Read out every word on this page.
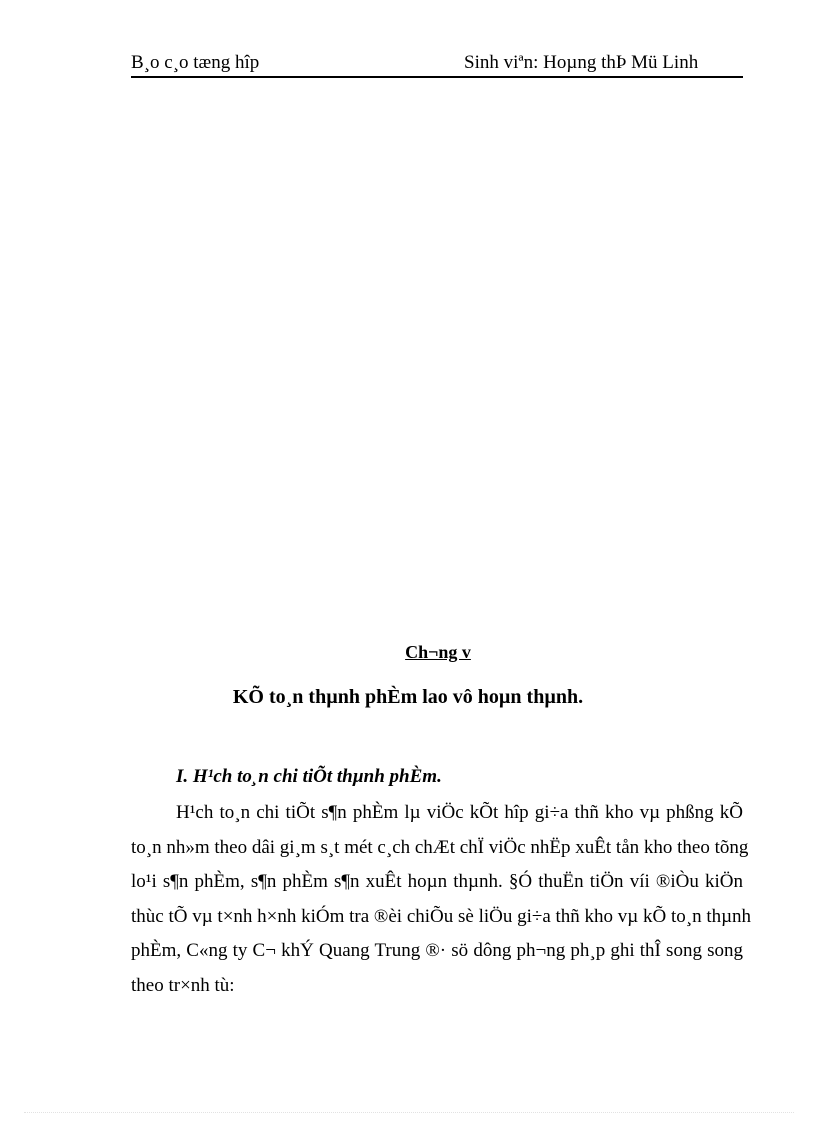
B¸o c¸o tæng hîp	Sinh viªn: Hoµng thÞ Mü Linh
Ch¬ng v
KÕ to¸n thµnh phÈm lao vô hoµn thµnh.
I. H¹ch to¸n chi tiÕt thµnh phÈm.
H¹ch to¸n chi tiÕt s¶n phÈm lµ viÖc kÕt hîp gi÷a thñ kho vµ phßng kÕ
to¸n nh»m theo dâi gi¸m s¸t mét c¸ch chÆt chÏ viÖc nhËp xuÊt tån kho theo tõng
lo¹i s¶n phÈm, s¶n phÈm s¶n xuÊt hoµn thµnh. §Ó thuËn tiÖn víi ®iÒu kiÖn
thùc tÕ vµ t×nh h×nh kiÓm tra ®èi chiÕu sè liÖu gi÷a thñ kho vµ kÕ to¸n thµnh
phÈm, C«ng ty C¬ khÝ Quang Trung ®· sö dông ph¬ng ph¸p ghi thÎ song song
theo tr×nh tù:
